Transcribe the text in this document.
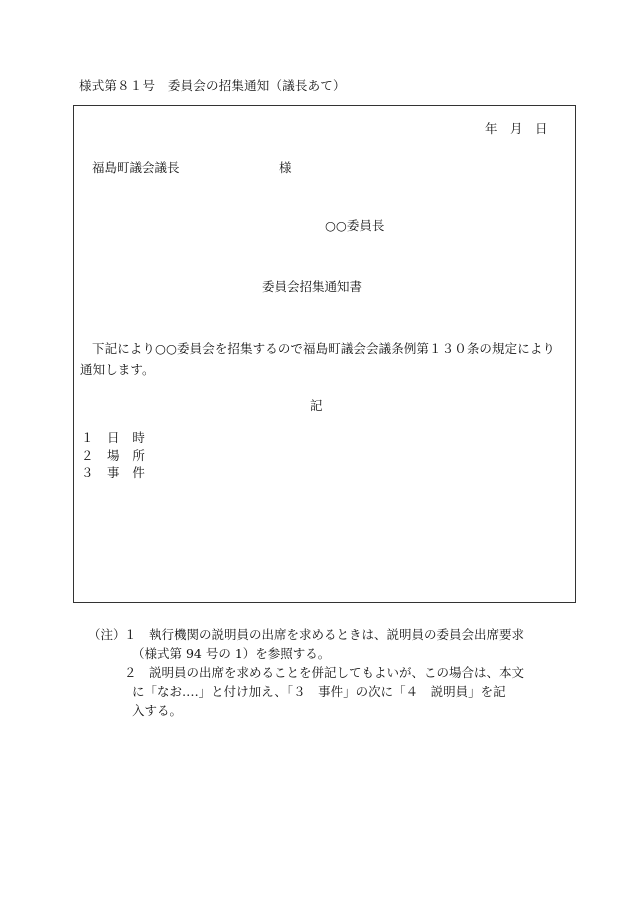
様式第８１号　委員会の招集通知（議長あて）
年　月　日
福島町議会議長	様
○○委員長
委員会招集通知書
下記により○○委員会を招集するので福島町議会会議条例第１３０条の規定により通知します。
記
１ 日　時
２ 場　所
３ 事　件
（注）
１　 執行機関の説明員の出席を求めるときは、説明員の委員会出席要求
（様式第 94 号の 1）を参照する。
２　 説明員の出席を求めることを併記してもよいが、この場合は、本文
に「なお‥‥」と付け加え、「３　事件」の次に「４　説明員」を記
入する。
